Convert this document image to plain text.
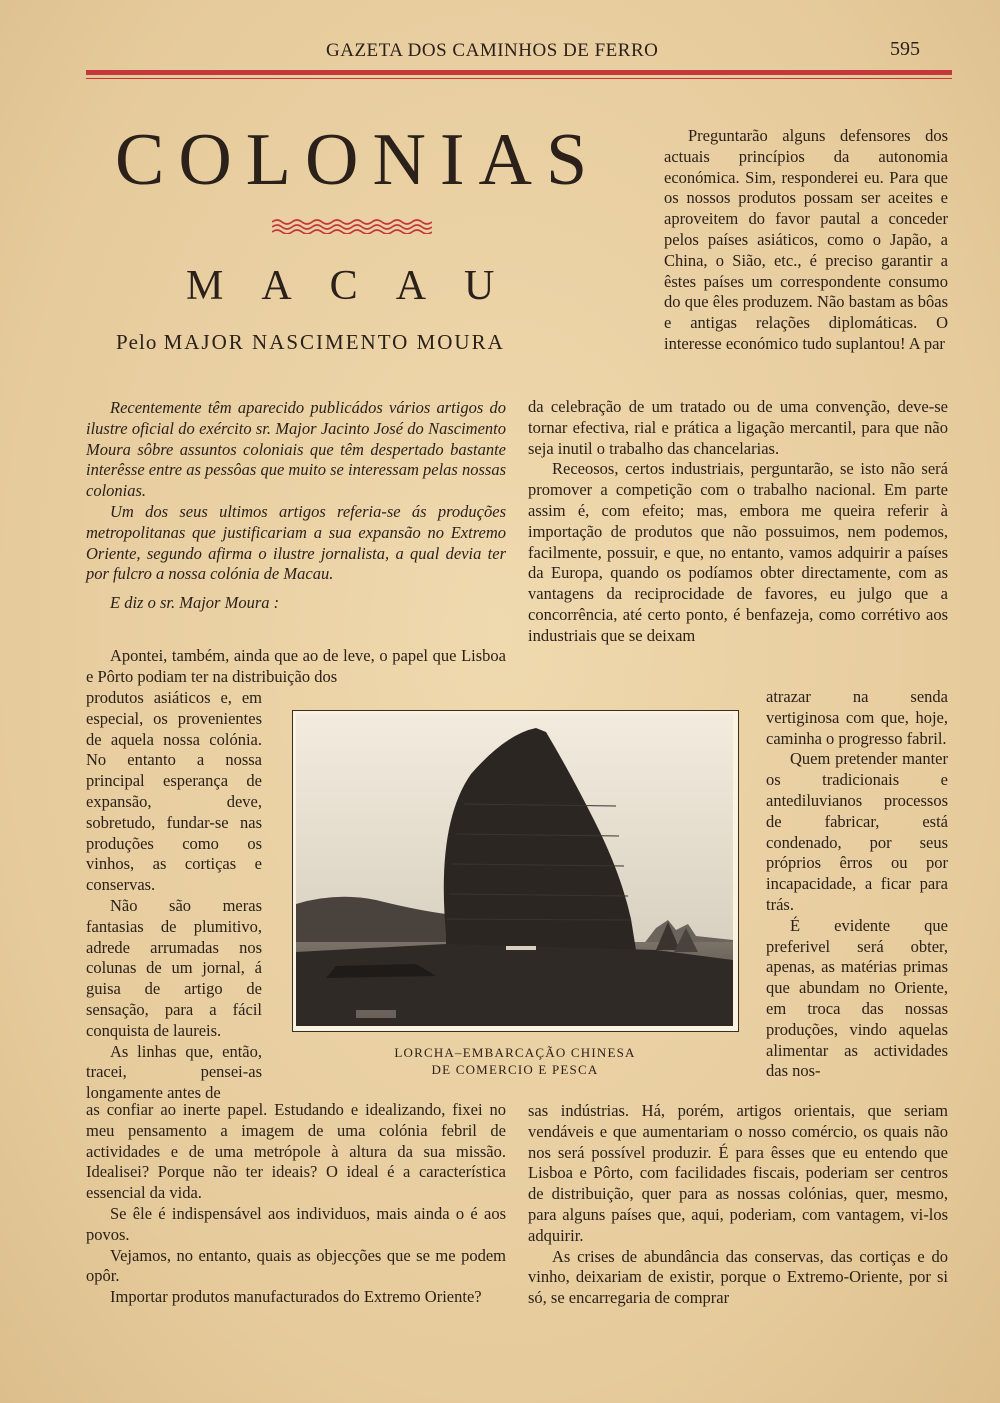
GAZETA DOS CAMINHOS DE FERRO	595
COLONIAS
MACAU
Pelo MAJOR NASCIMENTO MOURA

Recentemente têm aparecido publicádos vários artigos do ilustre oficial do exército sr. Major Jacinto José do Nascimento Moura sôbre assuntos coloniais que têm despertado bastante interêsse entre as pessôas que muito se interessam pelas nossas colonias.

Um dos seus ultimos artigos referia-se ás produções metropolitanas que justificariam a sua expansão no Extremo Oriente, segundo afirma o ilustre jornalista, a qual devia ter por fulcro a nossa colónia de Macau.

E diz o sr. Major Moura :

Apontei, também, ainda que ao de leve, o papel que Lisboa e Pôrto podiam ter na distribuição dos

produtos asiáticos e, em especial, os provenientes de aquela nossa colónia. No entanto a nossa principal esperança de expansão, deve, sobretudo, fundar-se nas produções como os vinhos, as cortiças e conservas.

Não são meras fantasias de plumitivo, adrede arrumadas nos colunas de um jornal, á guisa de artigo de sensação, para a fácil conquista de laureis.

As linhas que, então, tracei, pensei-as longamente antes de

as confiar ao inerte papel. Estudando e idealizando, fixei no meu pensamento a imagem de uma colónia febril de actividades e de uma metrópole à altura da sua missão. Idealisei? Porque não ter ideais? O ideal é a característica essencial da vida.

Se êle é indispensável aos individuos, mais ainda o é aos povos.

Vejamos, no entanto, quais as objecções que se me podem opôr.

Importar produtos manufacturados do Extremo Oriente?

Preguntarão alguns defensores dos actuais princípios da autonomia económica. Sim, responderei eu. Para que os nossos produtos possam ser aceites e aproveitem do favor pautal a conceder pelos países asiáticos, como o Japão, a China, o Sião, etc., é preciso garantir a êstes países um correspondente consumo do que êles produzem. Não bastam as bôas e antigas relações diplomáticas. O interesse económico tudo suplantou! A par

da celebração de um tratado ou de uma convenção, deve-se tornar efectiva, rial e prática a ligação mercantil, para que não seja inutil o trabalho das chancelarias.

Receosos, certos industriais, perguntarão, se isto não será promover a competição com o trabalho nacional. Em parte assim é, com efeito; mas, embora me queira referir à importação de produtos que não possuimos, nem podemos, facilmente, possuir, e que, no entanto, vamos adquirir a países da Europa, quando os podíamos obter directamente, com as vantagens da reciprocidade de favores, eu julgo que a concorrência, até certo ponto, é benfazeja, como corrétivo aos industriais que se deixam

atrazar na senda vertiginosa com que, hoje, caminha o progresso fabril.

Quem pretender manter os tradicionais e antediluvianos processos de fabricar, está condenado, por seus próprios êrros ou por incapacidade, a ficar para trás.

É evidente que preferivel será obter, apenas, as matérias primas que abundam no Oriente, em troca das nossas produções, vindo aquelas alimentar as actividades das nos-

sas indústrias. Há, porém, artigos orientais, que seriam vendáveis e que aumentariam o nosso comércio, os quais não nos será possível produzir. É para êsses que eu entendo que Lisboa e Pôrto, com facilidades fiscais, poderiam ser centros de distribuição, quer para as nossas colónias, quer, mesmo, para alguns países que, aqui, poderiam, com vantagem, vi-los adquirir.

As crises de abundância das conservas, das cortiças e do vinho, deixariam de existir, porque o Extremo-Oriente, por si só, se encarregaria de comprar

LORCHA–EMBARCAÇÃO CHINESA
DE COMERCIO E PESCA
